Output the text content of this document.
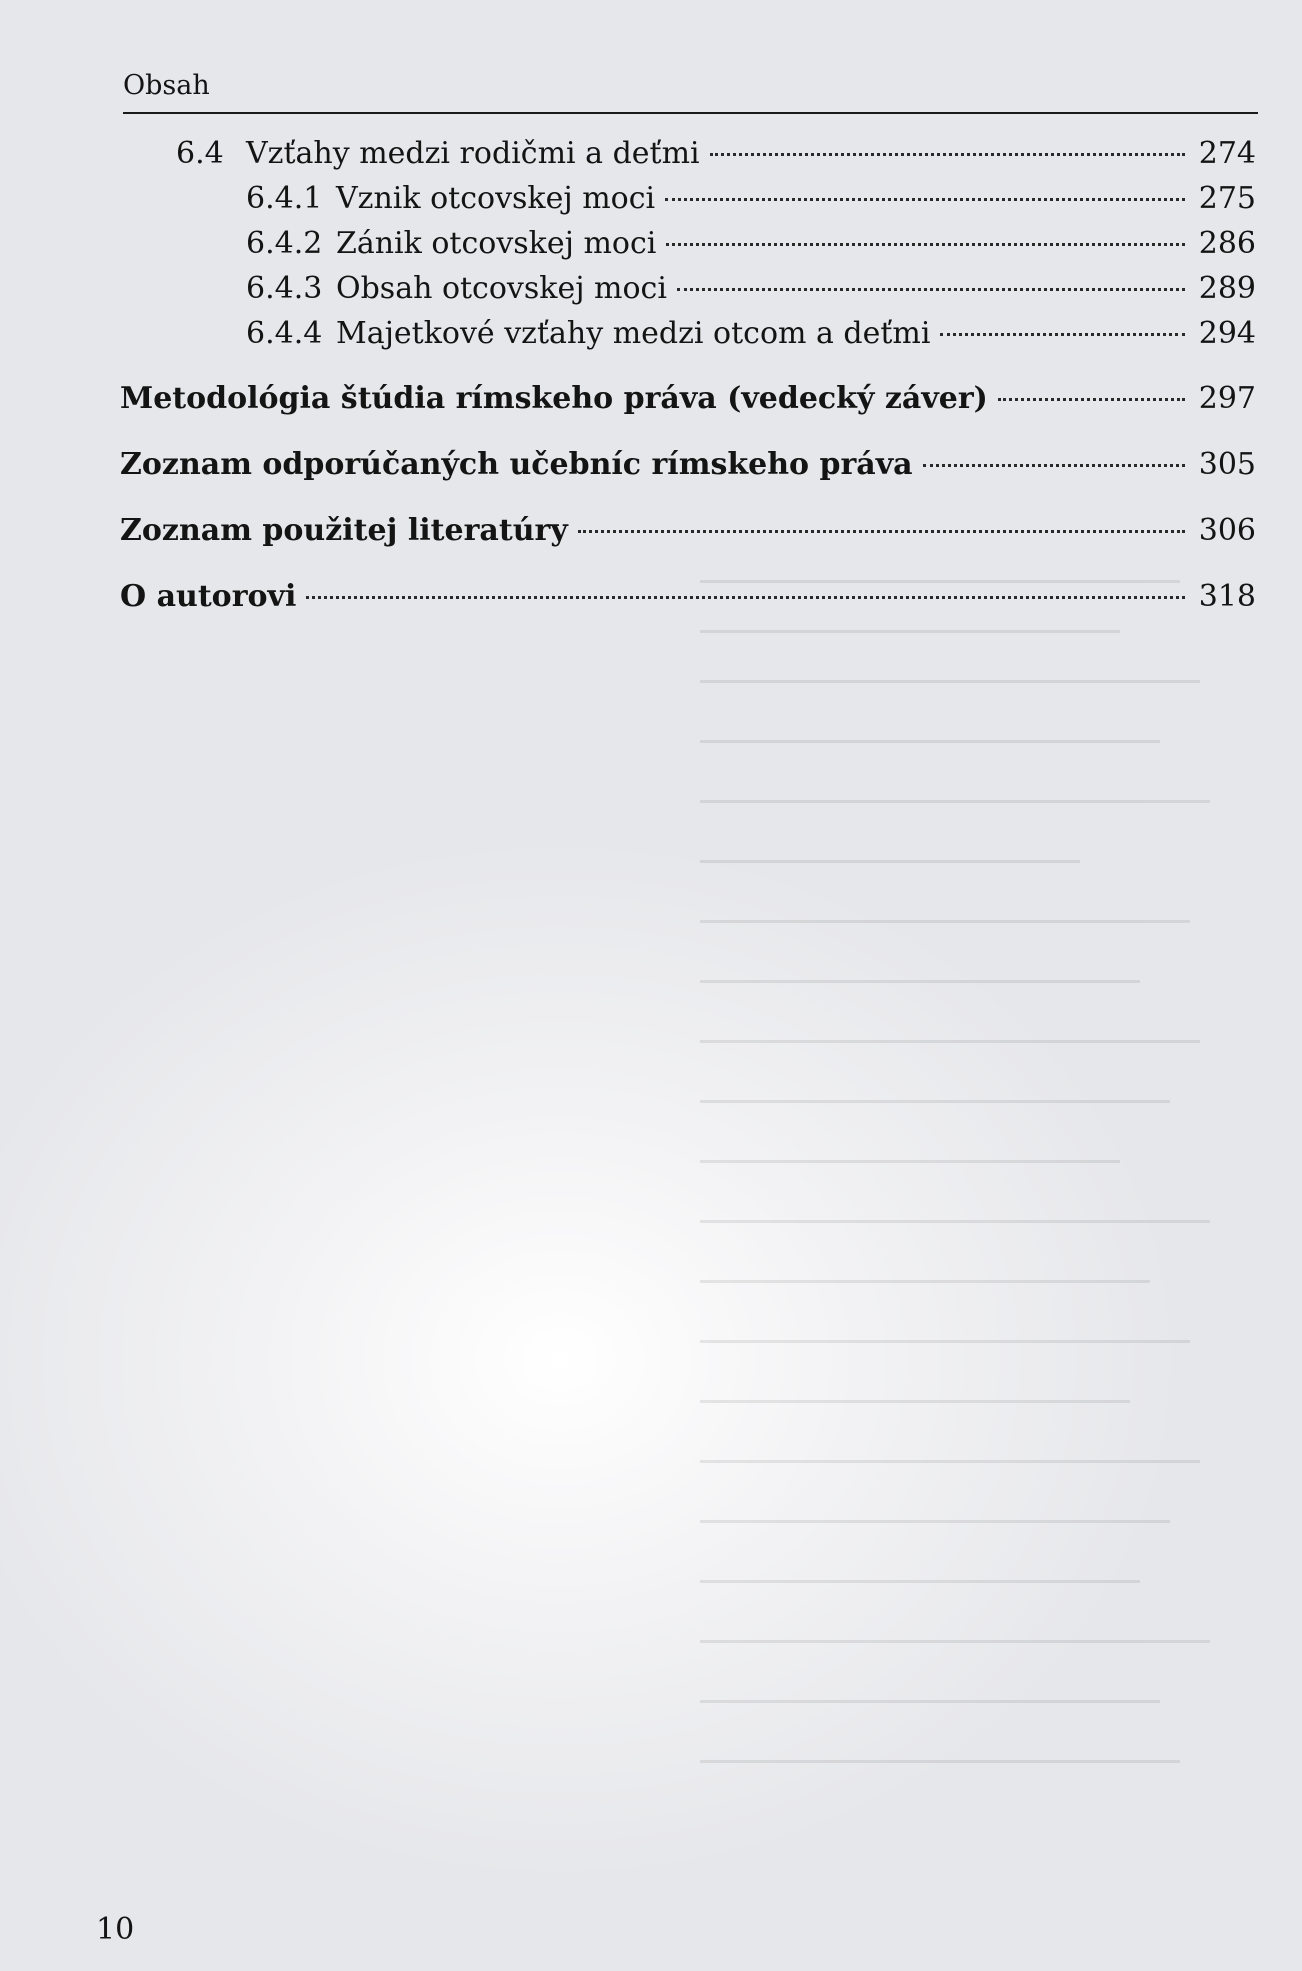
Obsah
6.4 Vzťahy medzi rodičmi a deťmi	274
6.4.1 Vznik otcovskej moci	275
6.4.2 Zánik otcovskej moci	286
6.4.3 Obsah otcovskej moci	289
6.4.4 Majetkové vzťahy medzi otcom a deťmi	294
Metodológia štúdia rímskeho práva (vedecký záver)	297
Zoznam odporúčaných učebníc rímskeho práva	305
Zoznam použitej literatúry	306
O autorovi	318
10
